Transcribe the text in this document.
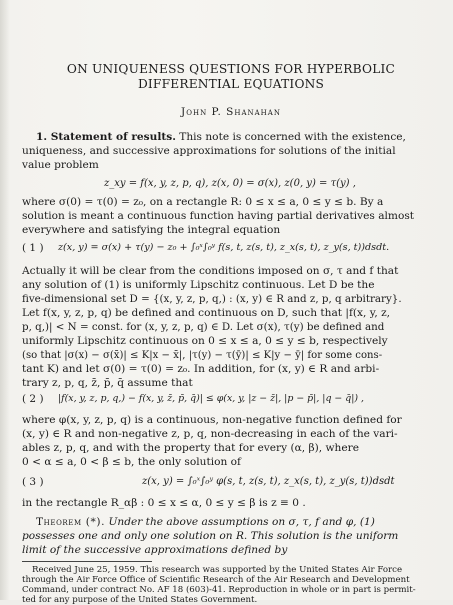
ON UNIQUENESS QUESTIONS FOR HYPERBOLIC
DIFFERENTIAL EQUATIONS
John P. Shanahan
1. Statement of results. This note is concerned with the existence,
uniqueness, and successive approximations for solutions of the initial
value problem
z_xy = f(x, y, z, p, q), z(x, 0) = σ(x), z(0, y) = τ(y) ,
where σ(0) = τ(0) = z₀, on a rectangle R: 0 ≤ x ≤ a, 0 ≤ y ≤ b. By a
solution is meant a continuous function having partial derivatives almost
everywhere and satisfying the integral equation
( 1 ) z(x, y) = σ(x) + τ(y) − z₀ + ∫₀ˣ∫₀ʸ f(s, t, z(s, t), z_x(s, t), z_y(s, t))dsdt.
Actually it will be clear from the conditions imposed on σ, τ and f that
any solution of (1) is uniformly Lipschitz continuous. Let D be the
five-dimensional set D = {(x, y, z, p, q,) : (x, y) ∈ R and z, p, q arbitrary}.
Let f(x, y, z, p, q) be defined and continuous on D, such that |f(x, y, z,
p, q,)| < N = const. for (x, y, z, p, q) ∈ D. Let σ(x), τ(y) be defined and
uniformly Lipschitz continuous on 0 ≤ x ≤ a, 0 ≤ y ≤ b, respectively
(so that |σ(x) − σ(x̄)| ≤ K|x − x̄|, |τ(y) − τ(ȳ)| ≤ K|y − ȳ| for some cons-
tant K) and let σ(0) = τ(0) = z₀. In addition, for (x, y) ∈ R and arbi-
trary z, p, q, z̄, p̄, q̄ assume that
( 2 ) |f(x, y, z, p, q,) − f(x, y, z̄, p̄, q̄)| ≤ φ(x, y, |z − z̄|, |p − p̄|, |q − q̄|) ,
where φ(x, y, z, p, q) is a continuous, non-negative function defined for
(x, y) ∈ R and non-negative z, p, q, non-decreasing in each of the vari-
ables z, p, q, and with the property that for every (α, β), where
0 < α ≤ a, 0 < β ≤ b, the only solution of
( 3 )	z(x, y) = ∫₀ˣ∫₀ʸ φ(s, t, z(s, t), z_x(s, t), z_y(s, t))dsdt
in the rectangle R_αβ : 0 ≤ x ≤ α, 0 ≤ y ≤ β is z ≡ 0 .
Theorem (*). Under the above assumptions on σ, τ, f and φ, (1)
possesses one and only one solution on R. This solution is the uniform
limit of the successive approximations defined by
Received June 25, 1959. This research was supported by the United States Air Force
through the Air Force Office of Scientific Research of the Air Research and Development
Command, under contract No. AF 18 (603)-41. Reproduction in whole or in part is permit-
ted for any purpose of the United States Government.
